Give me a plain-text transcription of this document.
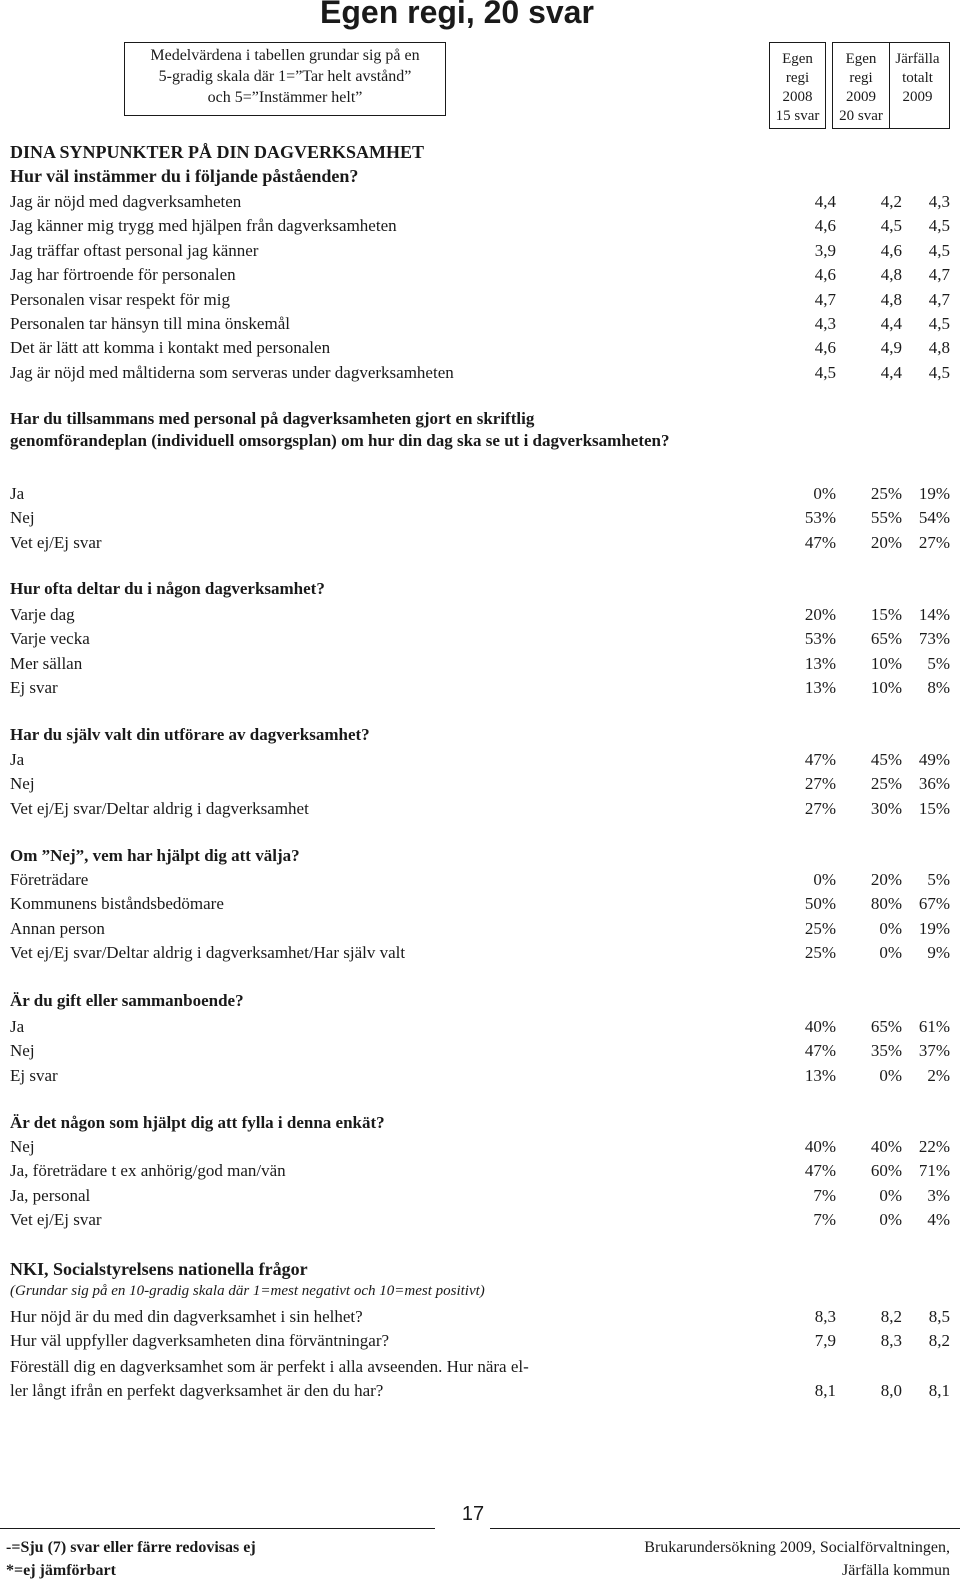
Egen regi, 20 svar
Medelvärdena i tabellen grundar sig på en
5-gradig skala där 1=”Tar helt avstånd”
och 5=”Instämmer helt”
Egen
regi
2008
15 svar
Egen
regi
2009
20 svar
Järfälla
totalt
2009
DINA SYNPUNKTER PÅ DIN DAGVERKSAMHET
Hur väl instämmer du i följande påståenden?
Har du tillsammans med personal på dagverksamheten gjort en skriftlig genomförandeplan (individuell omsorgsplan) om hur din dag ska se ut i dagverksamheten?
Hur ofta deltar du i någon dagverksamhet?
Har du själv valt din utförare av dagverksamhet?
Om ”Nej”, vem har hjälpt dig att välja?
Är du gift eller sammanboende?
Är det någon som hjälpt dig att fylla i denna enkät?
NKI, Socialstyrelsens nationella frågor
(Grundar sig på en 10-gradig skala där 1=mest negativt och 10=mest positivt)
Jag är nöjd med dagverksamheten	4,4	4,2	4,3
Jag känner mig trygg med hjälpen från dagverksamheten	4,6	4,5	4,5
Jag träffar oftast personal jag känner	3,9	4,6	4,5
Jag har förtroende för personalen	4,6	4,8	4,7
Personalen visar respekt för mig	4,7	4,8	4,7
Personalen tar hänsyn till mina önskemål	4,3	4,4	4,5
Det är lätt att komma i kontakt med personalen	4,6	4,9	4,8
Jag är nöjd med måltiderna som serveras under dagverksamheten	4,5	4,4	4,5
Ja	0%	25% 19%
Nej	53%	55% 54%
Vet ej/Ej svar	47%	20% 27%
Varje dag	20%	15% 14%
Varje vecka	53%	65% 73%
Mer sällan	13%	10%	5%
Ej svar	13%	10%	8%
Ja	47%	45% 49%
Nej	27%	25% 36%
Vet ej/Ej svar/Deltar aldrig i dagverksamhet	27%	30% 15%
Företrädare	0%	20%	5%
Kommunens biståndsbedömare	50%	80% 67%
Annan person	25%	0% 19%
Vet ej/Ej svar/Deltar aldrig i dagverksamhet/Har själv valt	25%	0%	9%
Ja	40%	65% 61%
Nej	47%	35% 37%
Ej svar	13%	0%	2%
Nej	40%	40% 22%
Ja, företrädare t ex anhörig/god man/vän	47%	60% 71%
Ja, personal	7%	0%	3%
Vet ej/Ej svar	7%	0%	4%
Hur nöjd är du med din dagverksamhet i sin helhet?	8,3	8,2	8,5
Hur väl uppfyller dagverksamheten dina förväntningar?	7,9	8,3	8,2
Föreställ dig en dagverksamhet som är perfekt i alla avseenden. Hur nära el-
ler långt ifrån en perfekt dagverksamhet är den du har?	8,1	8,0	8,1
17
-=Sju (7) svar eller färre redovisas ej
*=ej jämförbart
Brukarundersökning 2009, Socialförvaltningen,
Järfälla kommun
